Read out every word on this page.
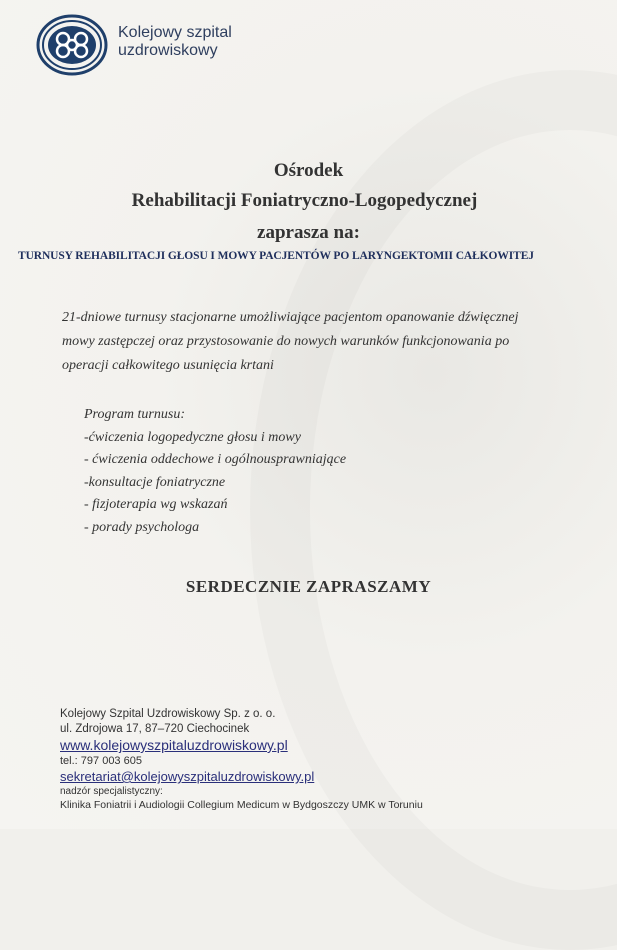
Kolejowy szpital
uzdrowiskowy
Ośrodek
Rehabilitacji Foniatryczno-Logopedycznej
zaprasza na:
TURNUSY REHABILITACJI GŁOSU I MOWY PACJENTÓW PO LARYNGEKTOMII CAŁKOWITEJ
21-dniowe turnusy stacjonarne umożliwiające pacjentom opanowanie dźwięcznej
mowy zastępczej oraz przystosowanie do nowych warunków funkcjonowania po
operacji całkowitego usunięcia krtani
Program turnusu:
-ćwiczenia logopedyczne głosu i mowy
- ćwiczenia oddechowe i ogólnousprawniające
-konsultacje foniatryczne
- fizjoterapia wg wskazań
- porady psychologa
SERDECZNIE ZAPRASZAMY
Kolejowy Szpital Uzdrowiskowy Sp. z o. o.
ul. Zdrojowa 17, 87–720 Ciechocinek
www.kolejowyszpitaluzdrowiskowy.pl
tel.: 797 003 605
sekretariat@kolejowyszpitaluzdrowiskowy.pl
nadzór specjalistyczny:
Klinika Foniatrii i Audiologii Collegium Medicum w Bydgoszczy UMK w Toruniu
